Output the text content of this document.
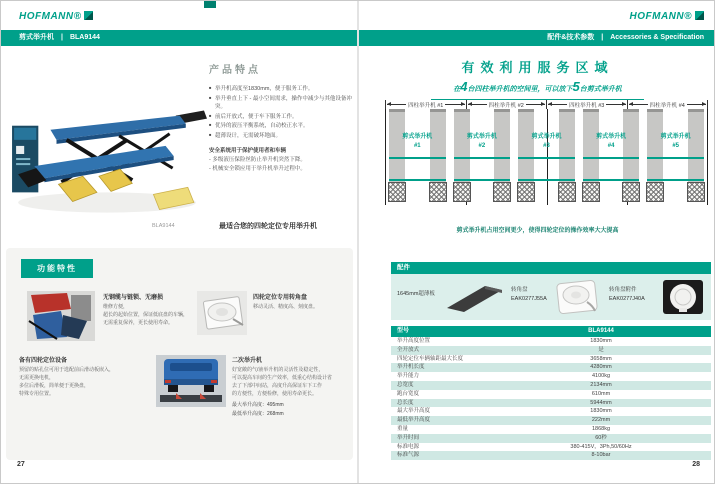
HOFMANN®
剪式举升机　|　BLA9144
产品特点
■ 举升机高度至1830mm，便于服务工作。
■ 举升垂直上下 - 最小空间需求，操作中减少与其他设备冲突。
■ 前后开放式，便于车下服务工作。
■ 优异的液压平衡系统，自动校正水平。
■ 超薄设计，无需破坏地面。
安全系统用于保护使用者和车辆
- 多级液压保险丝防止举升机突然下降。
- 机械安全锁应用于举升机举升过程中。
BLA9144	最适合您的四轮定位专用举升机
功能特性
无钢缆与链锁、无磨损
维修方便，
超长的起始位置，保证低底盘的车辆，
无需重复保养，更长使用寿命。
四轮定位专用转角盘
移动灵活、精度高、刻度盘。
备有四轮定位设备
预留的贴孔位可用于选配前后滑动板嵌入，
无需更换电机，
多位后滑板，简单便于更换盘，
特殊专用位置。
二次举升机
好宽敞的气/液举升机的灵活性及稳定性，
可以提高车间的生产效率，低重心结构设计省
去了下部中间站，高度升高保证车下工作
的方便性，方便检修，使用寿命更长。
最大举升高度：495mm
最低举升高度：268mm
27
HOFMANN®
配件&技术参数　|　Accessories & Specification
有效利用服务区域
在4台四柱举升机的空间里，可以放下5台剪式举升机
四柱举升机 #1	四柱举升机 #2	四柱举升机 #3	四柱举升机 #4
剪式举升机
#1
剪式举升机
#2
剪式举升机
#3
剪式举升机
#4
剪式举升机
#5
剪式举升机占用空间更少，使得四轮定位的操作效率大大提高
配件
1645mm超薄板
转角盘
EAK0277J55A
转角盘附件
EAK0277J40A
型号	BLA9144
举升高度位置	1830mm
全开放式	是
四轮定位车辆轴距最大长度	3658mm
举升机长度	4280mm
举升能力	4100kg
总宽度	2134mm
跑台宽度	610mm
总长度	5944mm
最大举升高度	1830mm
最低举升高度	222mm
重量	1868kg
举升时间	60秒
标准电源	380-415V，3Ph,50/60Hz
标准气源	8-10bar
28
